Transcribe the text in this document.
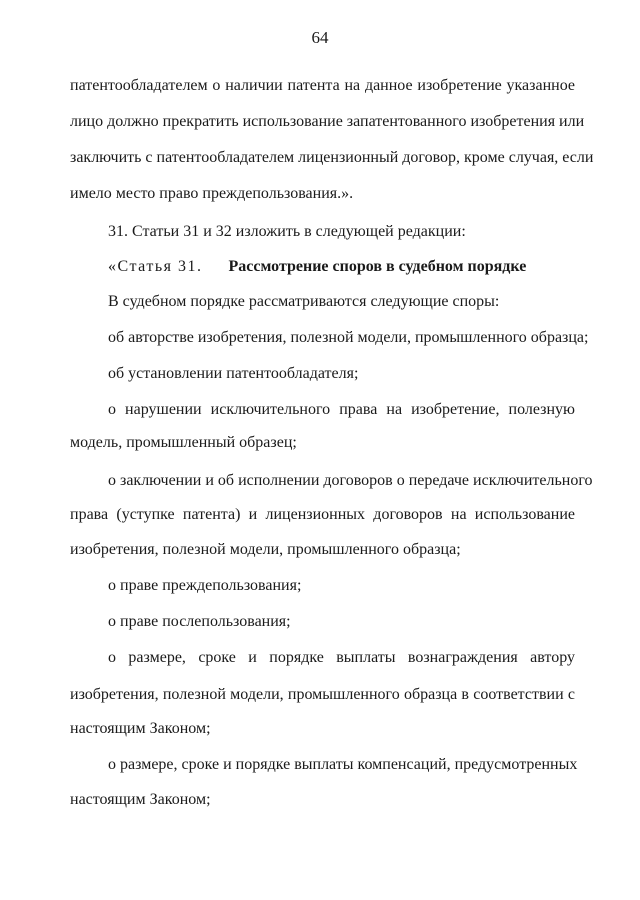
64
патентообладателем о наличии патента на данное изобретение указанное
лицо должно прекратить использование запатентованного изобретения или
заключить с патентообладателем лицензионный договор, кроме случая, если
имело место право преждепользования.».
31. Статьи 31 и 32 изложить в следующей редакции:
«Статья 31. Рассмотрение споров в судебном порядке
В судебном порядке рассматриваются следующие споры:
об авторстве изобретения, полезной модели, промышленного образца;
об установлении патентообладателя;
о нарушении исключительного права на изобретение, полезную
модель, промышленный образец;
о заключении и об исполнении договоров о передаче исключительного
права (уступке патента) и лицензионных договоров на использование
изобретения, полезной модели, промышленного образца;
о праве преждепользования;
о праве послепользования;
о размере, сроке и порядке выплаты вознаграждения автору
изобретения, полезной модели, промышленного образца в соответствии с
настоящим Законом;
о размере, сроке и порядке выплаты компенсаций, предусмотренных
настоящим Законом;
